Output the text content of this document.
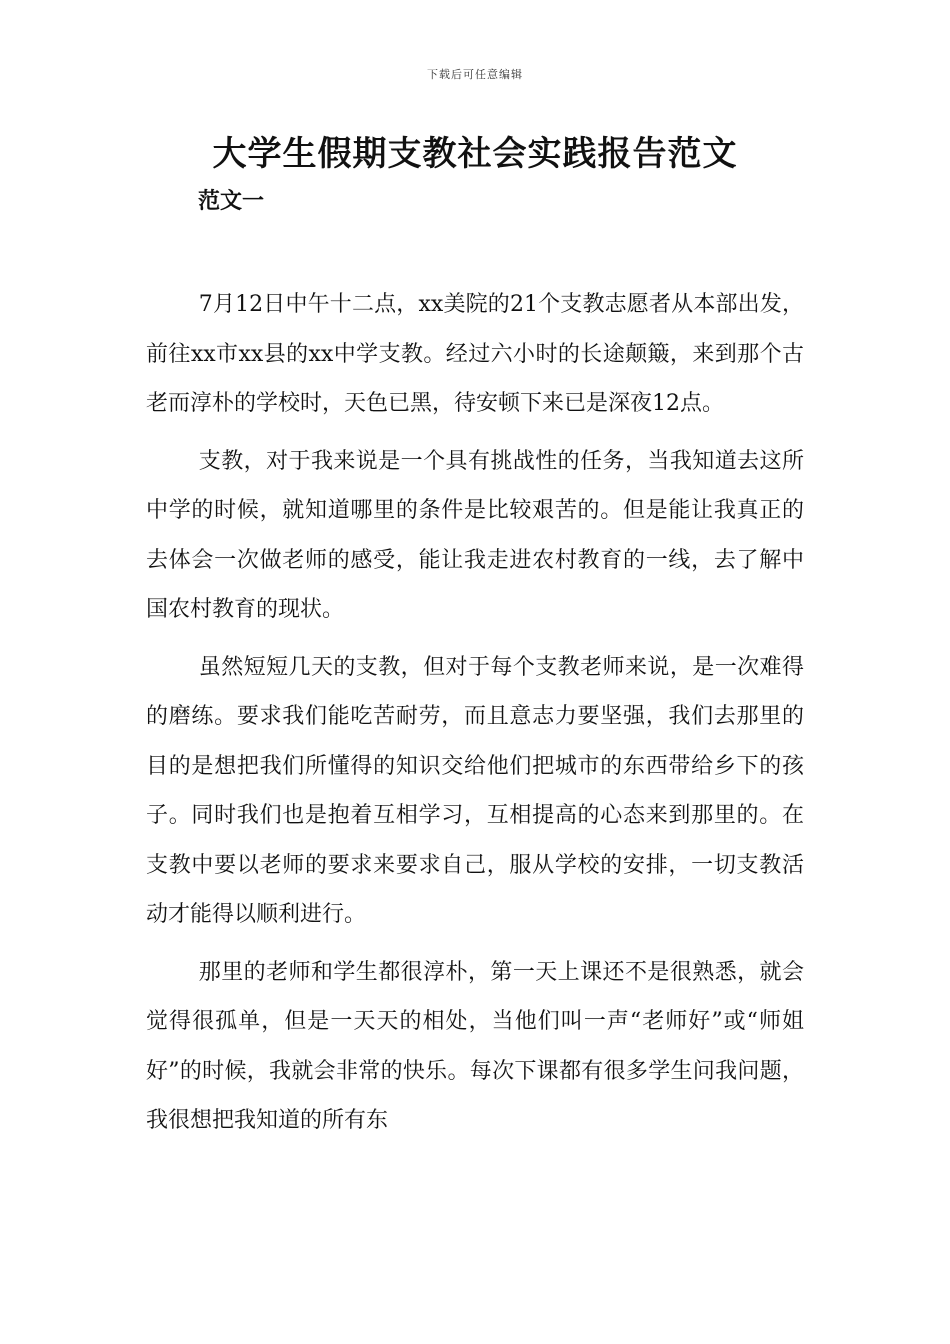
下载后可任意编辑
大学生假期支教社会实践报告范文
范文一

7月12日中午十二点，xx美院的21个支教志愿者从本部出发，前往xx市xx县的xx中学支教。经过六小时的长途颠簸，来到那个古老而淳朴的学校时，天色已黑，待安顿下来已是深夜12点。

支教，对于我来说是一个具有挑战性的任务，当我知道去这所中学的时候，就知道哪里的条件是比较艰苦的。但是能让我真正的去体会一次做老师的感受，能让我走进农村教育的一线，去了解中国农村教育的现状。

虽然短短几天的支教，但对于每个支教老师来说，是一次难得的磨练。要求我们能吃苦耐劳，而且意志力要坚强，我们去那里的目的是想把我们所懂得的知识交给他们把城市的东西带给乡下的孩子。同时我们也是抱着互相学习，互相提高的心态来到那里的。在支教中要以老师的要求来要求自己，服从学校的安排，一切支教活动才能得以顺利进行。

那里的老师和学生都很淳朴，第一天上课还不是很熟悉，就会觉得很孤单，但是一天天的相处，当他们叫一声“老师好”或“师姐好”的时候，我就会非常的快乐。每次下课都有很多学生问我问题，我很想把我知道的所有东
